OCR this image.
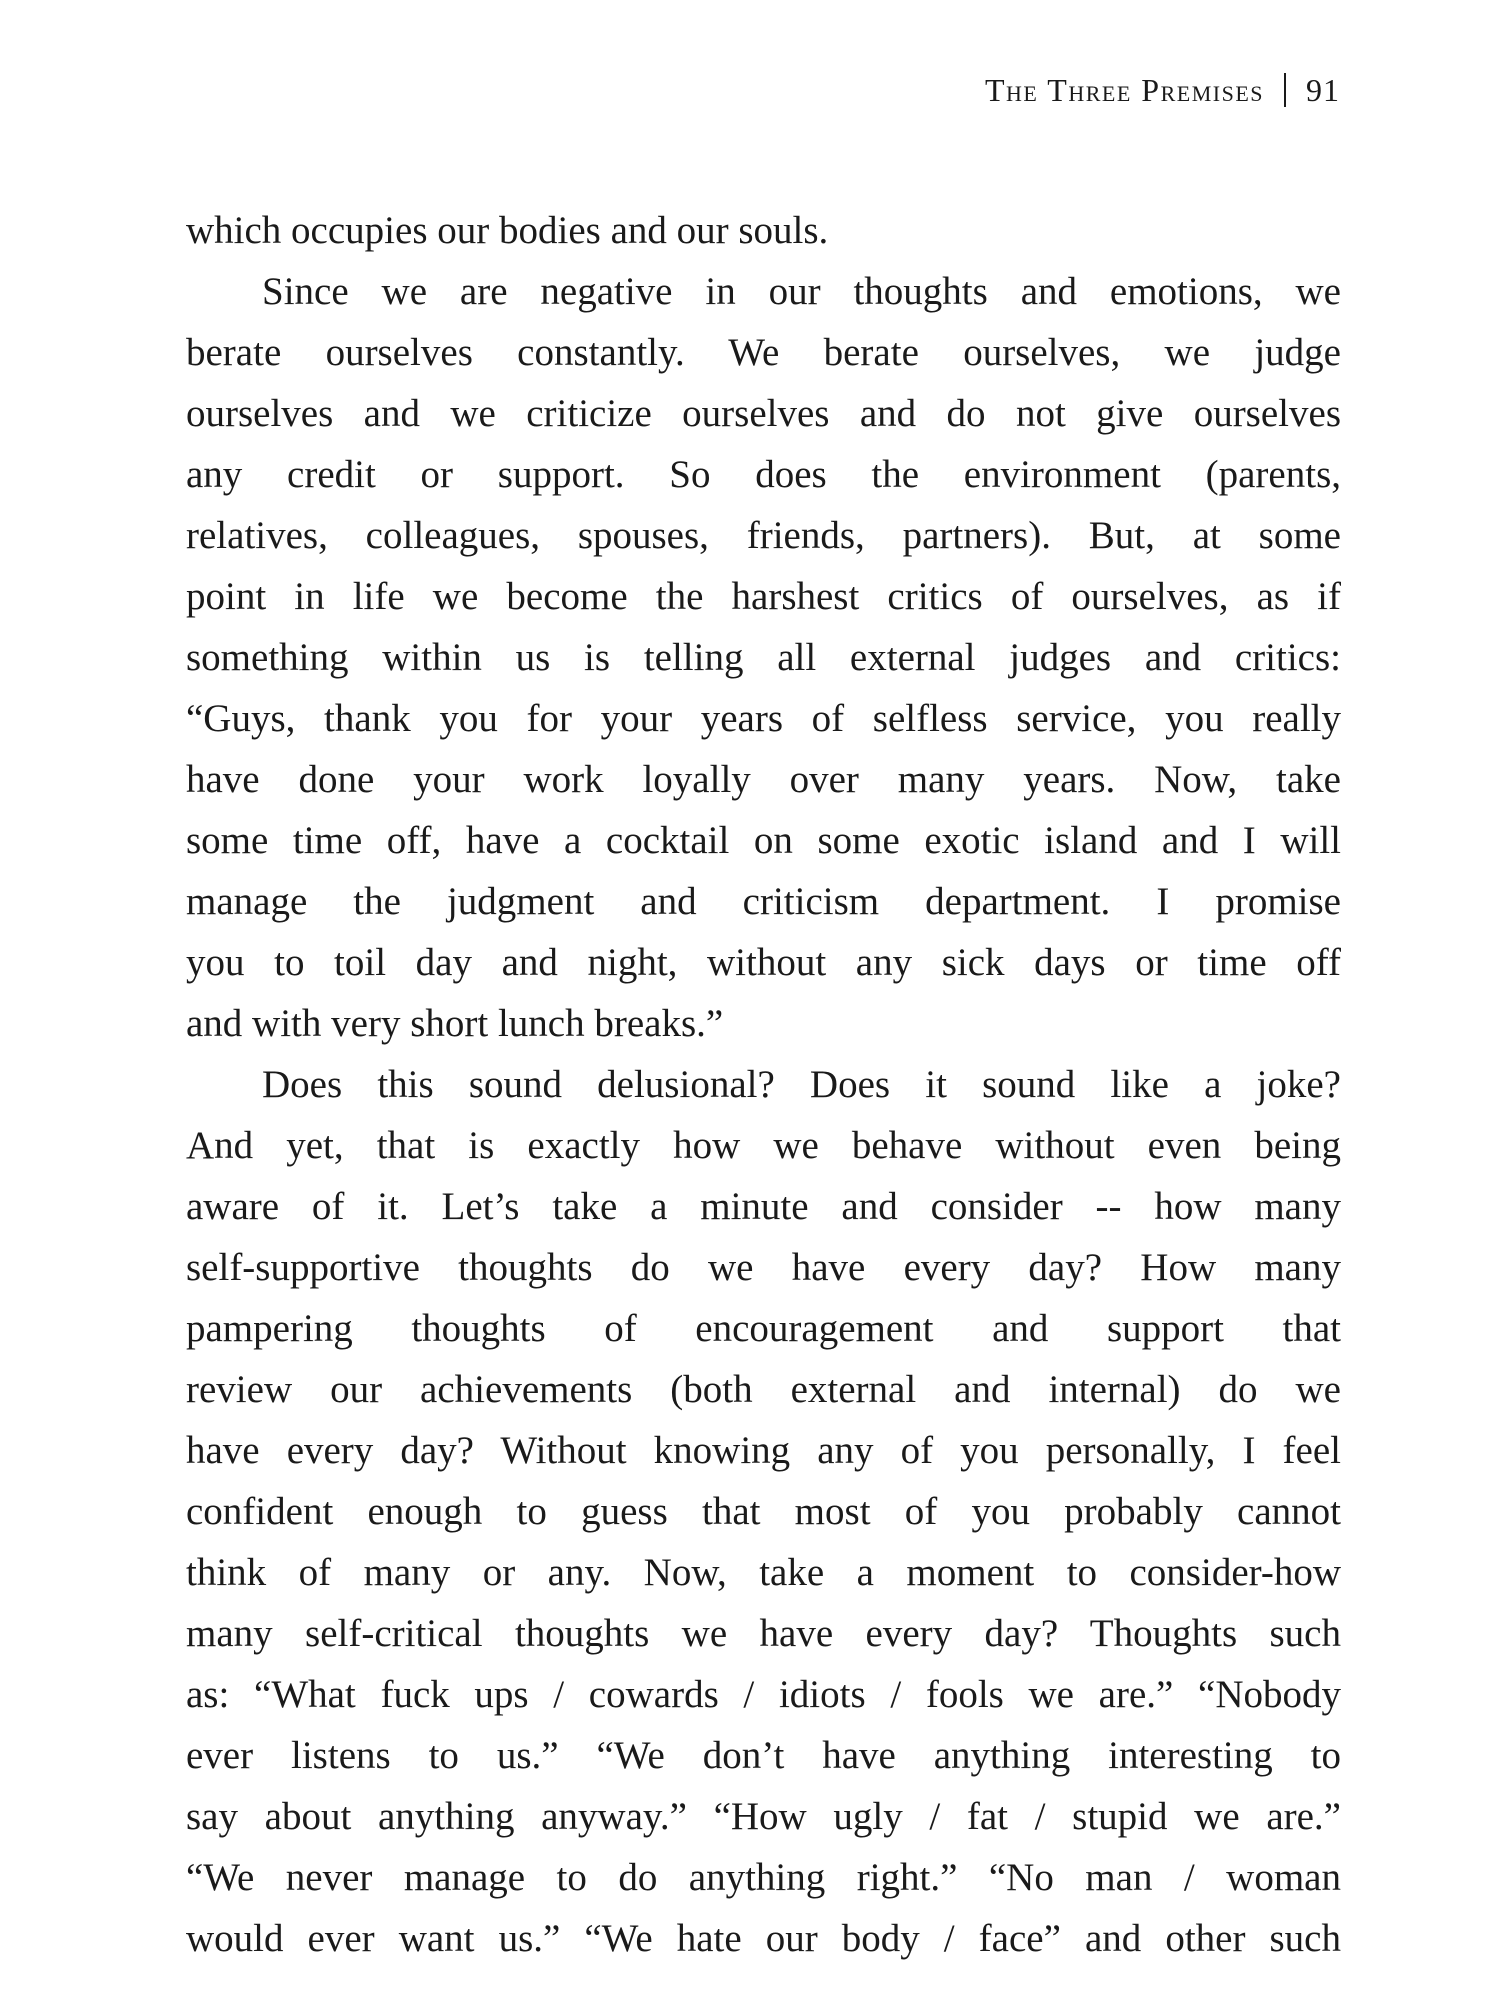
The Three Premises 91
which occupies our bodies and our souls.
Since we are negative in our thoughts and emotions, we
berate ourselves constantly. We berate ourselves, we judge
ourselves and we criticize ourselves and do not give ourselves
any credit or support. So does the environment (parents,
relatives, colleagues, spouses, friends, partners). But, at some
point in life we become the harshest critics of ourselves, as if
something within us is telling all external judges and critics:
“Guys, thank you for your years of selfless service, you really
have done your work loyally over many years. Now, take
some time off, have a cocktail on some exotic island and I will
manage the judgment and criticism department. I promise
you to toil day and night, without any sick days or time off
and with very short lunch breaks.”
Does this sound delusional? Does it sound like a joke?
And yet, that is exactly how we behave without even being
aware of it. Let’s take a minute and consider -- how many
self-supportive thoughts do we have every day? How many
pampering thoughts of encouragement and support that
review our achievements (both external and internal) do we
have every day? Without knowing any of you personally, I feel
confident enough to guess that most of you probably cannot
think of many or any. Now, take a moment to consider-how
many self-critical thoughts we have every day? Thoughts such
as: “What fuck ups / cowards / idiots / fools we are.” “Nobody
ever listens to us.” “We don’t have anything interesting to
say about anything anyway.” “How ugly / fat / stupid we are.”
“We never manage to do anything right.” “No man / woman
would ever want us.” “We hate our body / face” and other such
